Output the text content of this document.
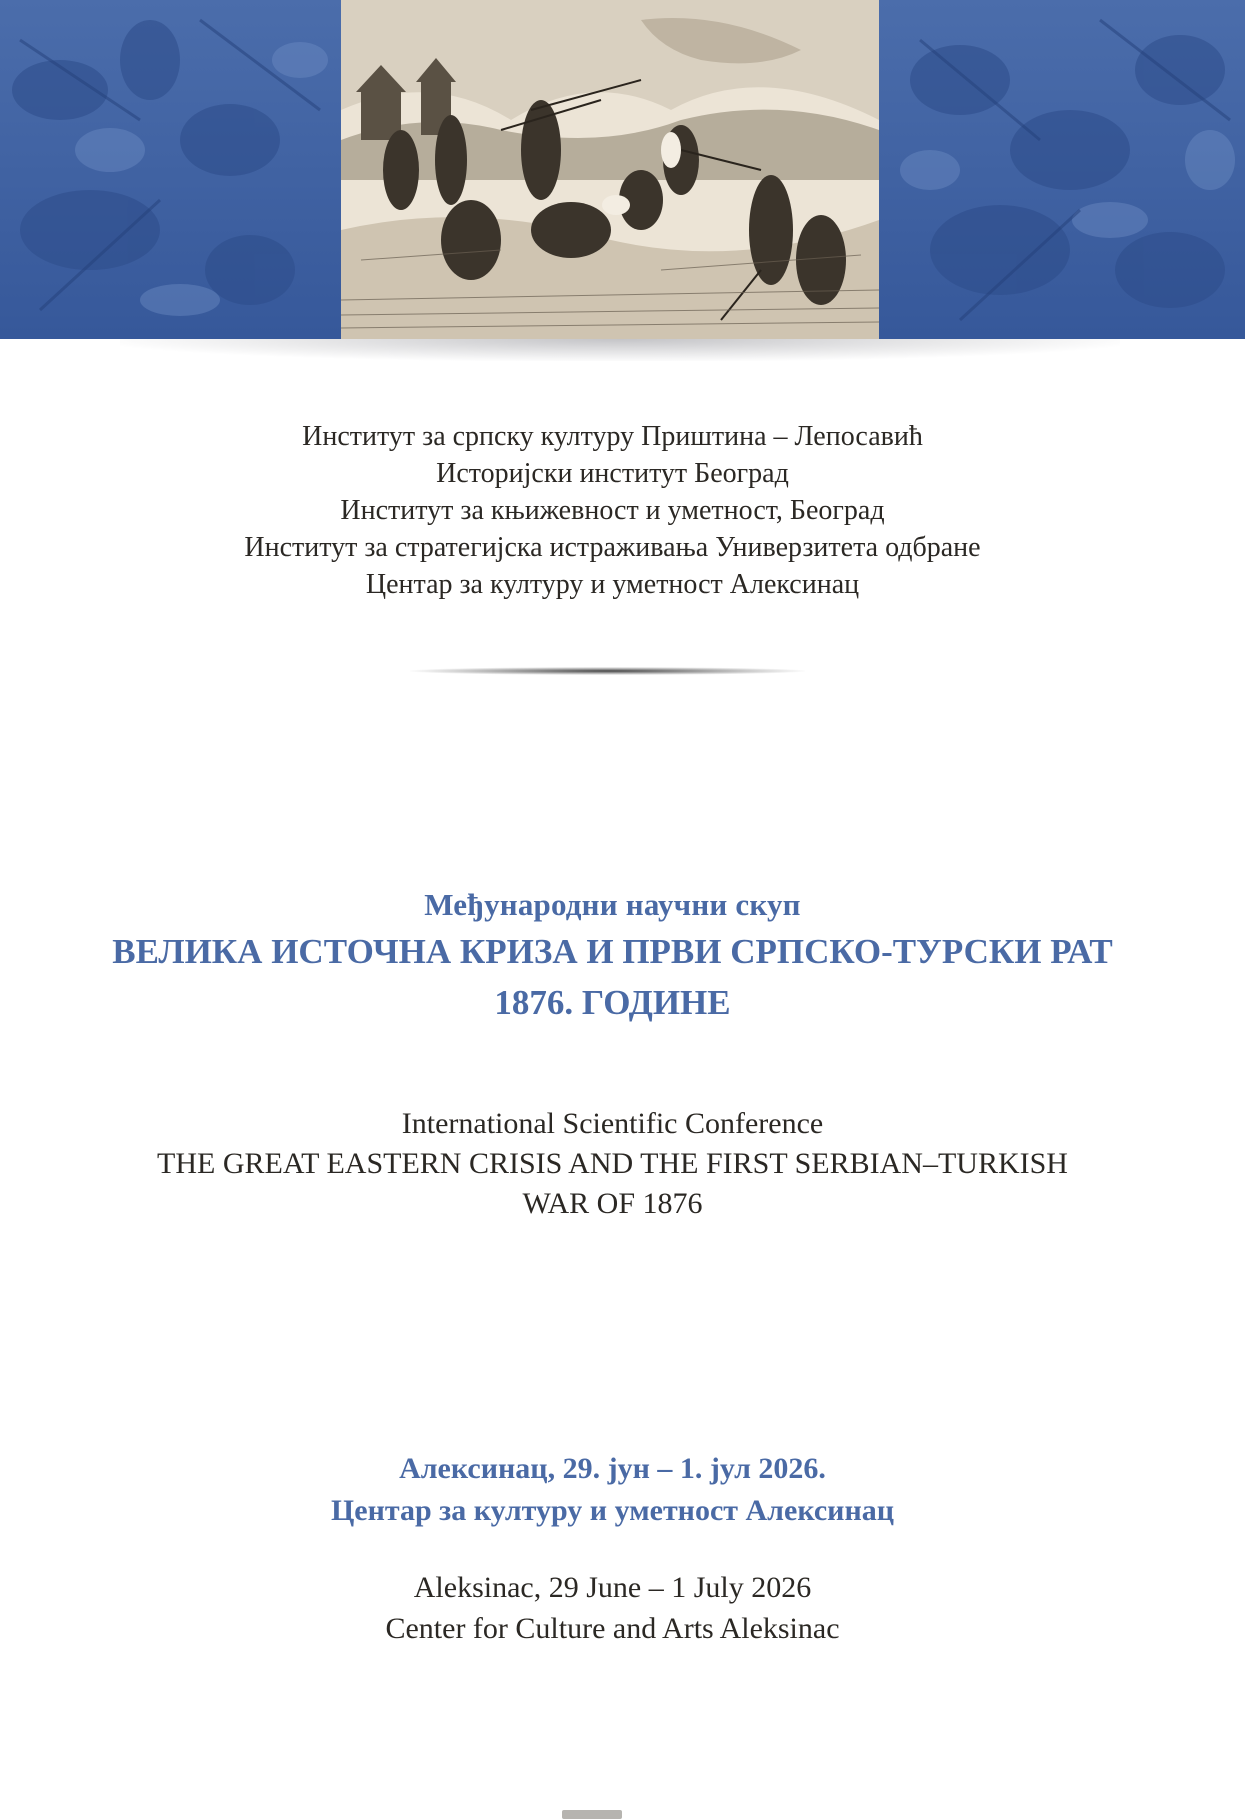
Институт за српску културу Приштина – Лепосавић
Историјски институт Београд
Институт за књижевност и уметност, Београд
Институт за стратегијска истраживања Универзитета одбране
Центар за културу и уметност Алексинац
Међународни научни скуп
ВЕЛИКА ИСТОЧНА КРИЗА И ПРВИ СРПСКО-ТУРСКИ РАТ
1876. ГОДИНЕ
International Scientific Conference
THE GREAT EASTERN CRISIS AND THE FIRST SERBIAN–TURKISH
WAR OF 1876
Алексинац, 29. јун – 1. јул 2026.
Центар за културу и уметност Алексинац
Aleksinac, 29 June – 1 July 2026
Center for Culture and Arts Aleksinac
